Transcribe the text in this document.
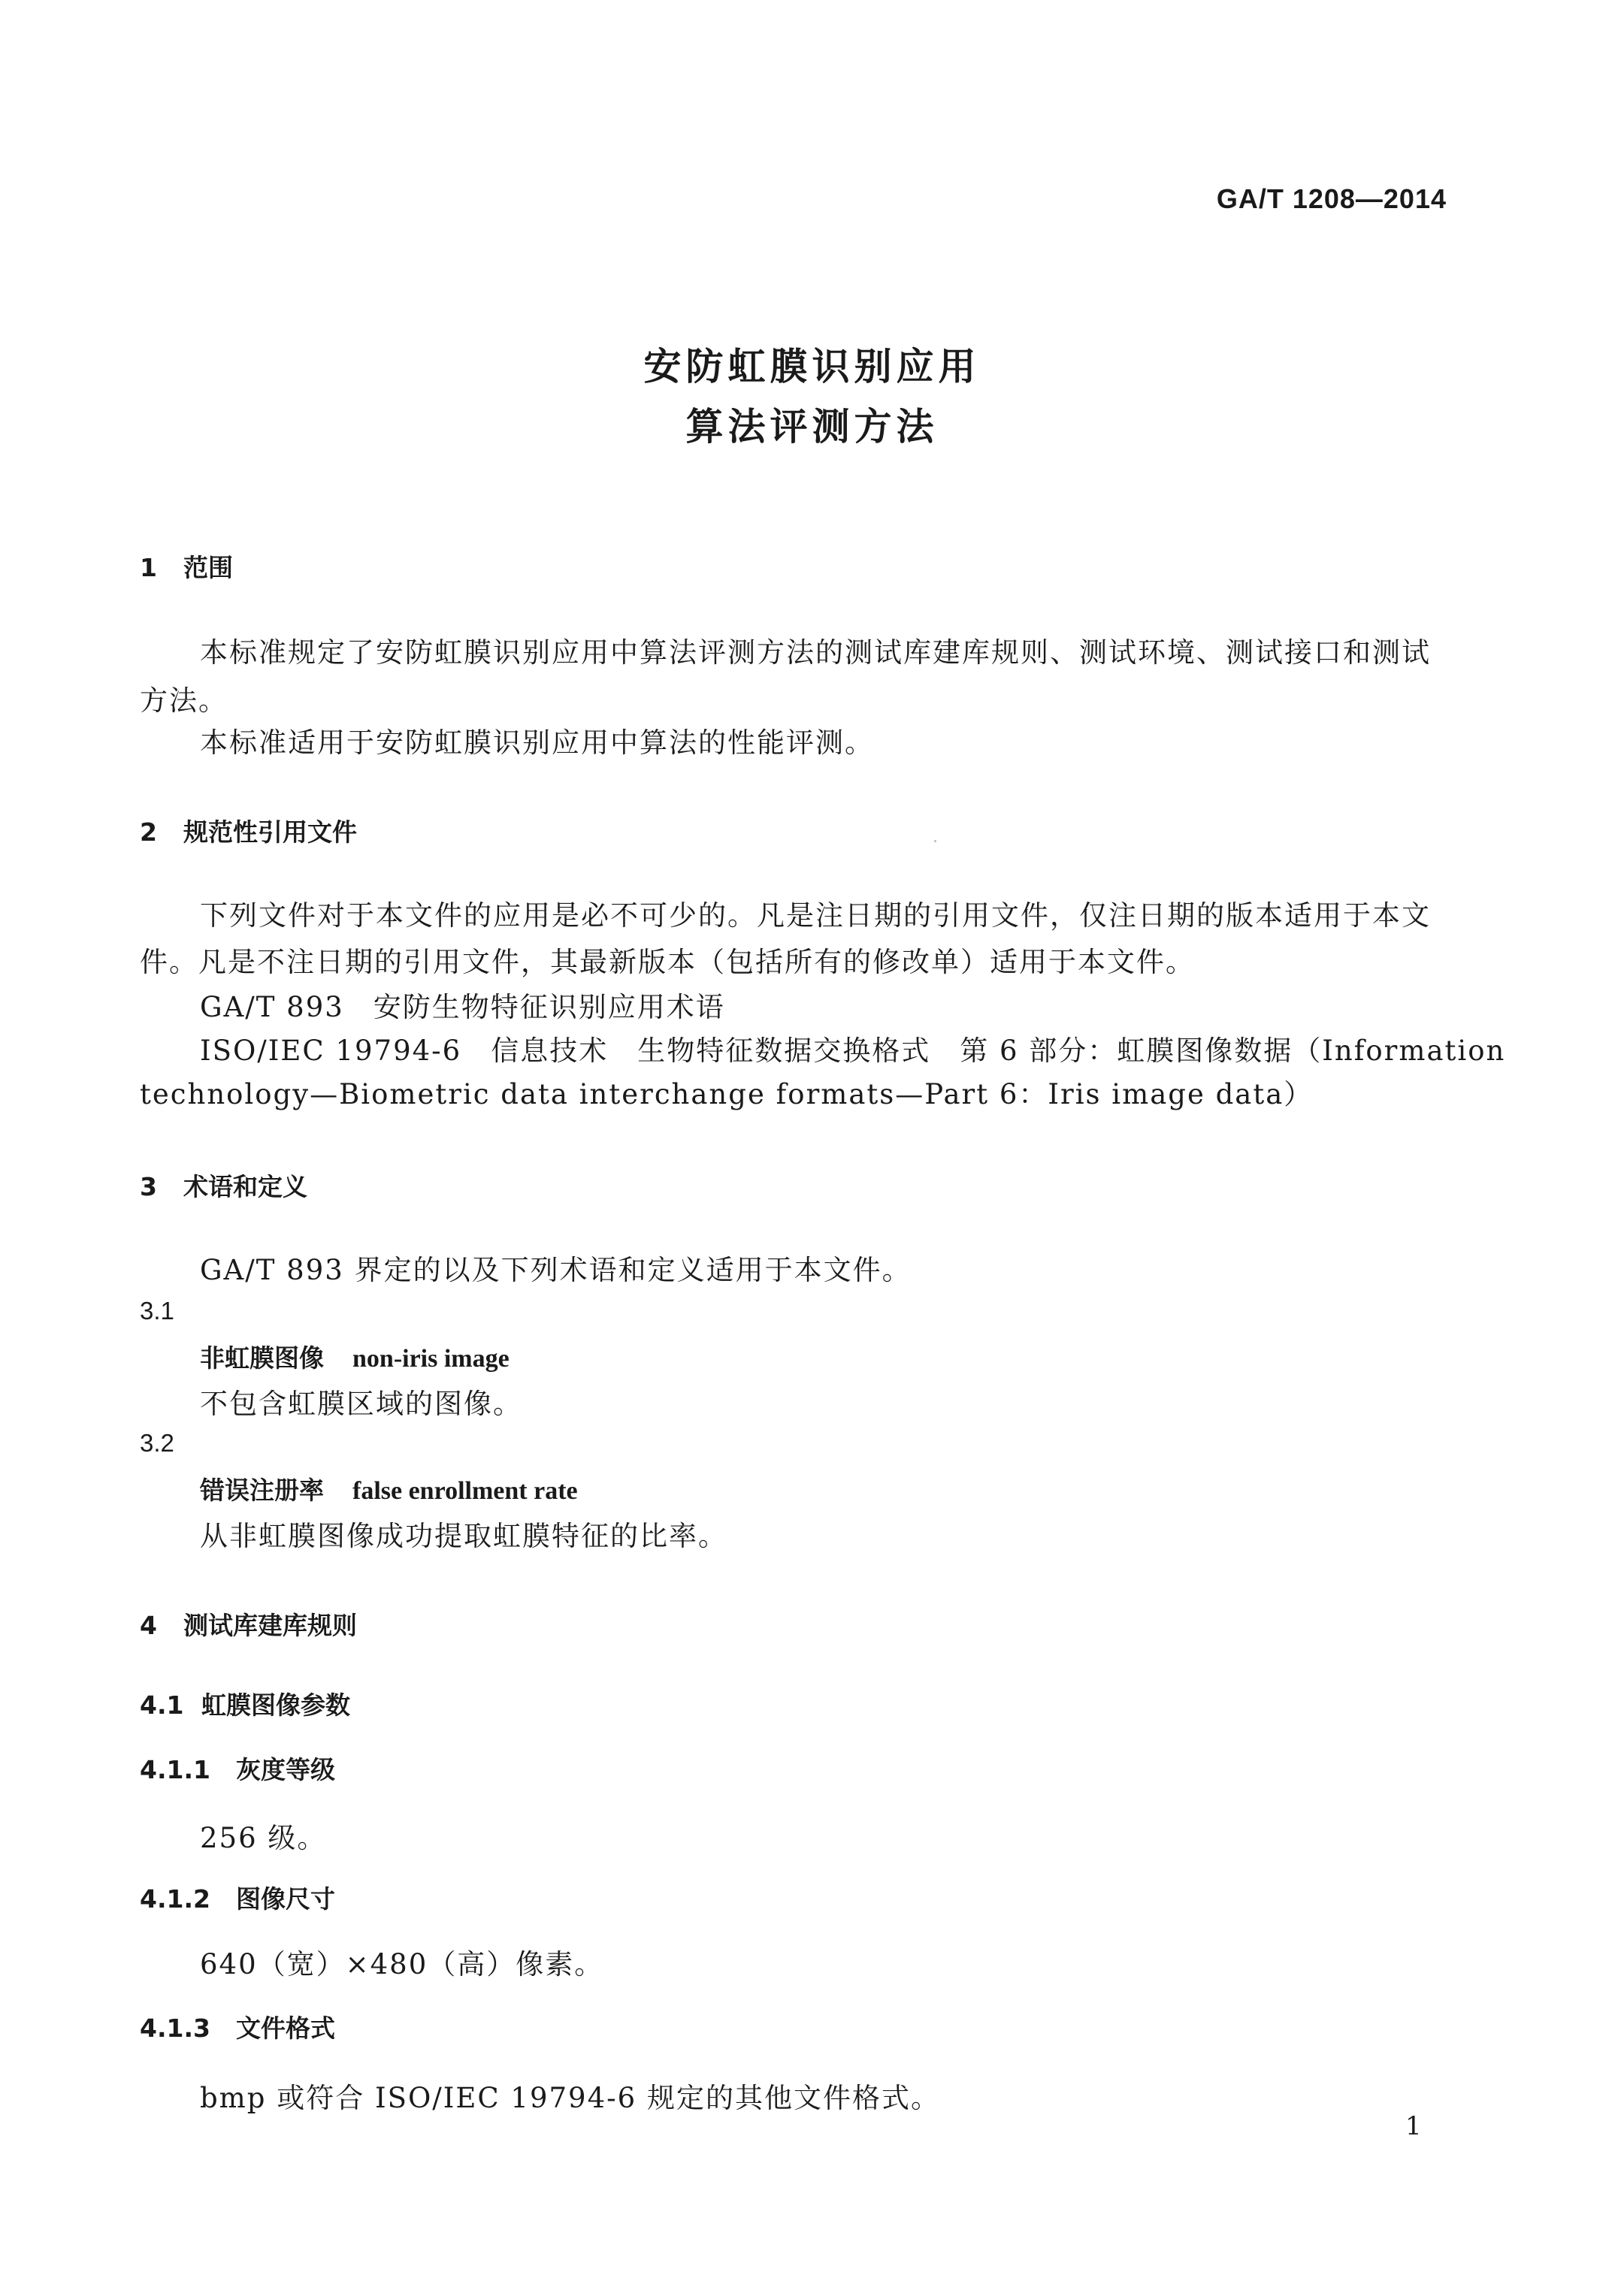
GA/T 1208—2014
安防虹膜识别应用
算法评测方法
1 范围
本标准规定了安防虹膜识别应用中算法评测方法的测试库建库规则、测试环境、测试接口和测试
方法。
本标准适用于安防虹膜识别应用中算法的性能评测。
2 规范性引用文件
下列文件对于本文件的应用是必不可少的。凡是注日期的引用文件，仅注日期的版本适用于本文
件。凡是不注日期的引用文件，其最新版本（包括所有的修改单）适用于本文件。
GA/T 893　安防生物特征识别应用术语
ISO/IEC 19794-6　信息技术　生物特征数据交换格式　第 6 部分：虹膜图像数据（Information
technology—Biometric data interchange formats—Part 6：Iris image data）
3 术语和定义
GA/T 893 界定的以及下列术语和定义适用于本文件。
3.1
非虹膜图像 non-iris image
不包含虹膜区域的图像。
3.2
错误注册率 false enrollment rate
从非虹膜图像成功提取虹膜特征的比率。
4 测试库建库规则
4.1 虹膜图像参数
4.1.1 灰度等级
256 级。
4.1.2 图像尺寸
640（宽）×480（高）像素。
4.1.3 文件格式
bmp 或符合 ISO/IEC 19794-6 规定的其他文件格式。
1
